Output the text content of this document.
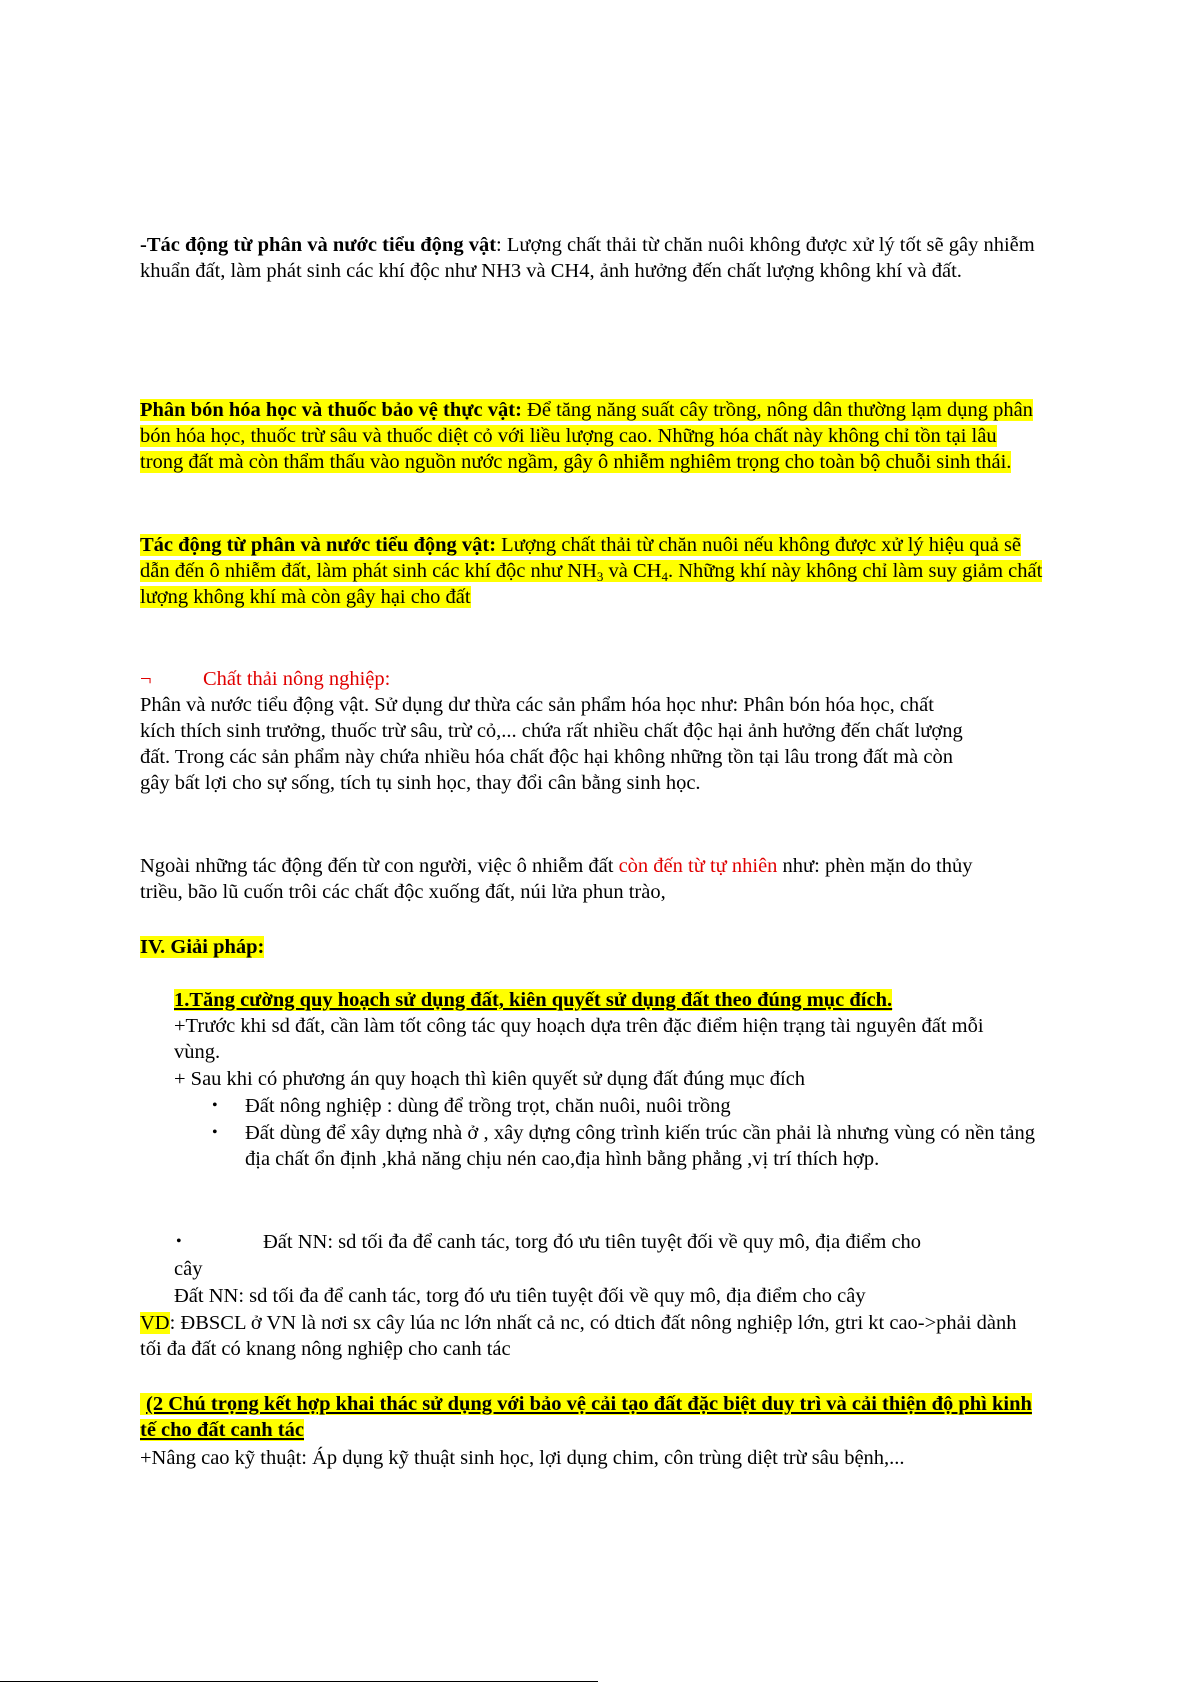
-Tác động từ phân và nước tiểu động vật: Lượng chất thải từ chăn nuôi không được xử lý tốt sẽ gây nhiễm khuẩn đất, làm phát sinh các khí độc như NH3 và CH4, ảnh hưởng đến chất lượng không khí và đất.
Phân bón hóa học và thuốc bảo vệ thực vật: Để tăng năng suất cây trồng, nông dân thường lạm dụng phân bón hóa học, thuốc trừ sâu và thuốc diệt cỏ với liều lượng cao. Những hóa chất này không chỉ tồn tại lâu trong đất mà còn thẩm thấu vào nguồn nước ngầm, gây ô nhiễm nghiêm trọng cho toàn bộ chuỗi sinh thái.
Tác động từ phân và nước tiểu động vật: Lượng chất thải từ chăn nuôi nếu không được xử lý hiệu quả sẽ dẫn đến ô nhiễm đất, làm phát sinh các khí độc như $NH_3$ và $CH_4$. Những khí này không chỉ làm suy giảm chất lượng không khí mà còn gây hại cho đất
¬	Chất thải nông nghiệp:
Phân và nước tiểu động vật. Sử dụng dư thừa các sản phẩm hóa học như: Phân bón hóa học, chất kích thích sinh trưởng, thuốc trừ sâu, trừ cỏ,... chứa rất nhiều chất độc hại ảnh hưởng đến chất lượng đất. Trong các sản phẩm này chứa nhiều hóa chất độc hại không những tồn tại lâu trong đất mà còn gây bất lợi cho sự sống, tích tụ sinh học, thay đổi cân bằng sinh học.
Ngoài những tác động đến từ con người, việc ô nhiễm đất còn đến từ tự nhiên như: phèn mặn do thủy triều, bão lũ cuốn trôi các chất độc xuống đất, núi lửa phun trào,
IV. Giải pháp:
1.Tăng cường quy hoạch sử dụng đất, kiên quyết sử dụng đất theo đúng mục đích.
+Trước khi sd đất, cần làm tốt công tác quy hoạch dựa trên đặc điểm hiện trạng tài nguyên đất mỗi vùng.
+ Sau khi có phương án quy hoạch thì kiên quyết sử dụng đất đúng mục đích
• Đất nông nghiệp : dùng để trồng trọt, chăn nuôi, nuôi trồng
• Đất dùng để xây dựng nhà ở , xây dựng công trình kiến trúc cần phải là nhưng vùng có nền tảng địa chất ổn định ,khả năng chịu nén cao,địa hình bằng phẳng ,vị trí thích hợp.
•	Đất NN: sd tối đa để canh tác, torg đó ưu tiên tuyệt đối về quy mô, địa điểm cho
cây
Đất NN: sd tối đa để canh tác, torg đó ưu tiên tuyệt đối về quy mô, địa điểm cho cây
VD: ĐBSCL ở VN là nơi sx cây lúa nc lớn nhất cả nc, có dtich đất nông nghiệp lớn, gtri kt cao->phải dành tối đa đất có knang nông nghiệp cho canh tác
(2 Chú trọng kết hợp khai thác sử dụng với bảo vệ cải tạo đất đặc biệt duy trì và cải thiện độ phì kinh tế cho đất canh tác
+Nâng cao kỹ thuật: Áp dụng kỹ thuật sinh học, lợi dụng chim, côn trùng diệt trừ sâu bệnh,...
